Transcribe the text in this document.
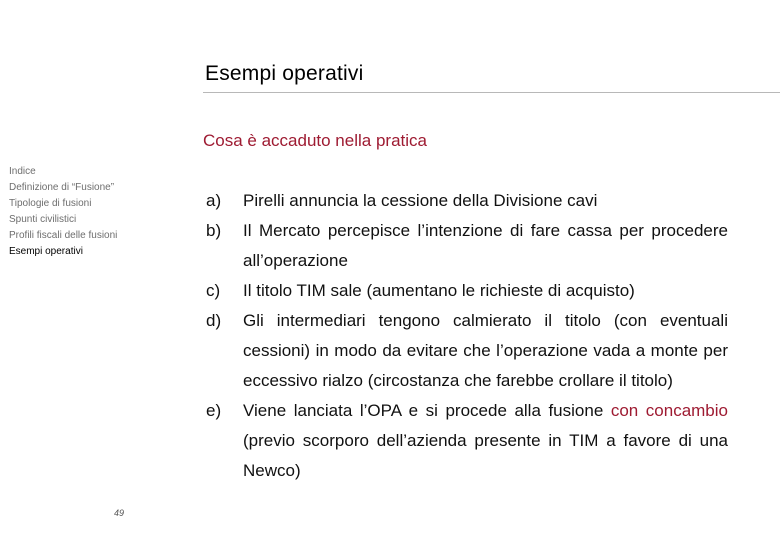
Esempi operativi
Cosa è accaduto nella pratica
Indice
Definizione di “Fusione”
Tipologie di fusioni
Spunti civilistici
Profili fiscali delle fusioni
Esempi operativi
49
a)	Pirelli annuncia la cessione della Divisione cavi
b)	Il Mercato percepisce l’intenzione di fare cassa per procedere all’operazione
c)	Il titolo TIM sale (aumentano le richieste di acquisto)
d)	Gli intermediari tengono calmierato il titolo (con eventuali cessioni) in modo da evitare che l’operazione vada a monte per eccessivo rialzo (circostanza che farebbe crollare il titolo)
e)	Viene lanciata l’OPA e si procede alla fusione con concambio (previo scorporo dell’azienda presente in TIM a favore di una Newco)
